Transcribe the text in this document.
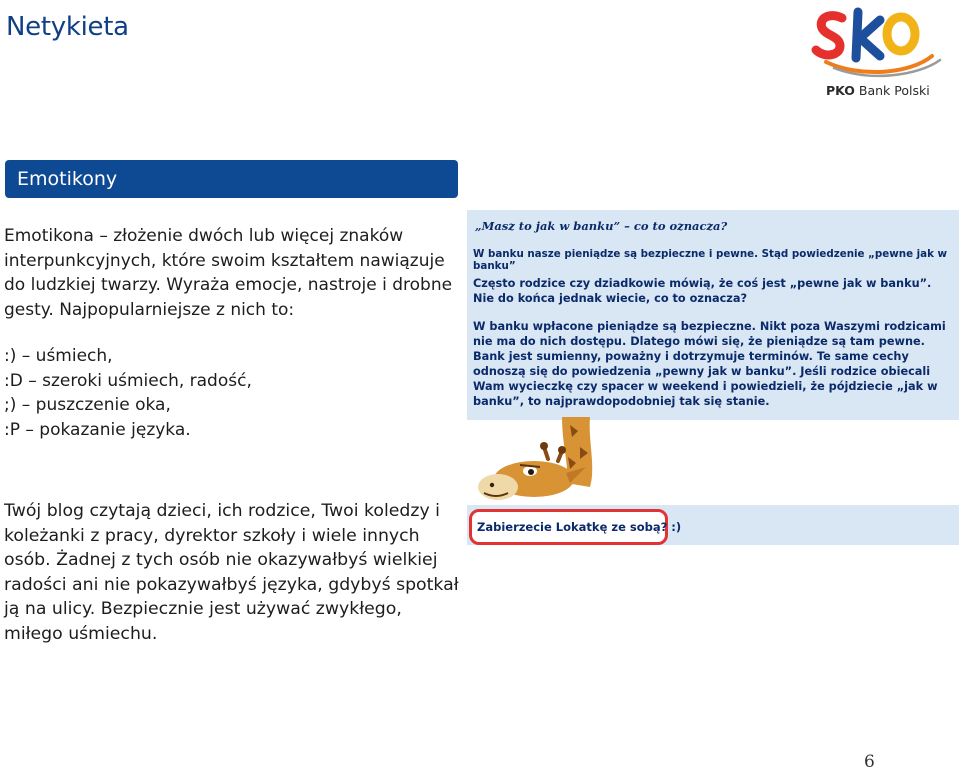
Netykieta
PKO Bank Polski
Emotikony
Emotikona – złożenie dwóch lub więcej znaków interpunkcyjnych, które swoim kształtem nawiązuje do ludzkiej twarzy. Wyraża emocje, nastroje i drobne gesty. Najpopularniejsze z nich to:
:) – uśmiech,
:D – szeroki uśmiech, radość,
;) – puszczenie oka,
:P – pokazanie języka.
Twój blog czytają dzieci, ich rodzice, Twoi koledzy i koleżanki z pracy, dyrektor szkoły i wiele innych osób. Żadnej z tych osób nie okazywałbyś wielkiej radości ani nie pokazywałbyś języka, gdybyś spotkał ją na ulicy. Bezpiecznie jest używać zwykłego, miłego uśmiechu.
„Masz to jak w banku” – co to oznacza?
W banku nasze pieniądze są bezpieczne i pewne. Stąd powiedzenie „pewne jak w banku”
Często rodzice czy dziadkowie mówią, że coś jest „pewne jak w banku”. Nie do końca jednak wiecie, co to oznacza?
W banku wpłacone pieniądze są bezpieczne. Nikt poza Waszymi rodzicami nie ma do nich dostępu. Dlatego mówi się, że pieniądze są tam pewne. Bank jest sumienny, poważny i dotrzymuje terminów. Te same cechy odnoszą się do powiedzenia „pewny jak w banku”. Jeśli rodzice obiecali Wam wycieczkę czy spacer w weekend i powiedzieli, że pójdziecie „jak w banku”, to najprawdopodobniej tak się stanie.
Zabierzecie Lokatkę ze sobą? :)
6
